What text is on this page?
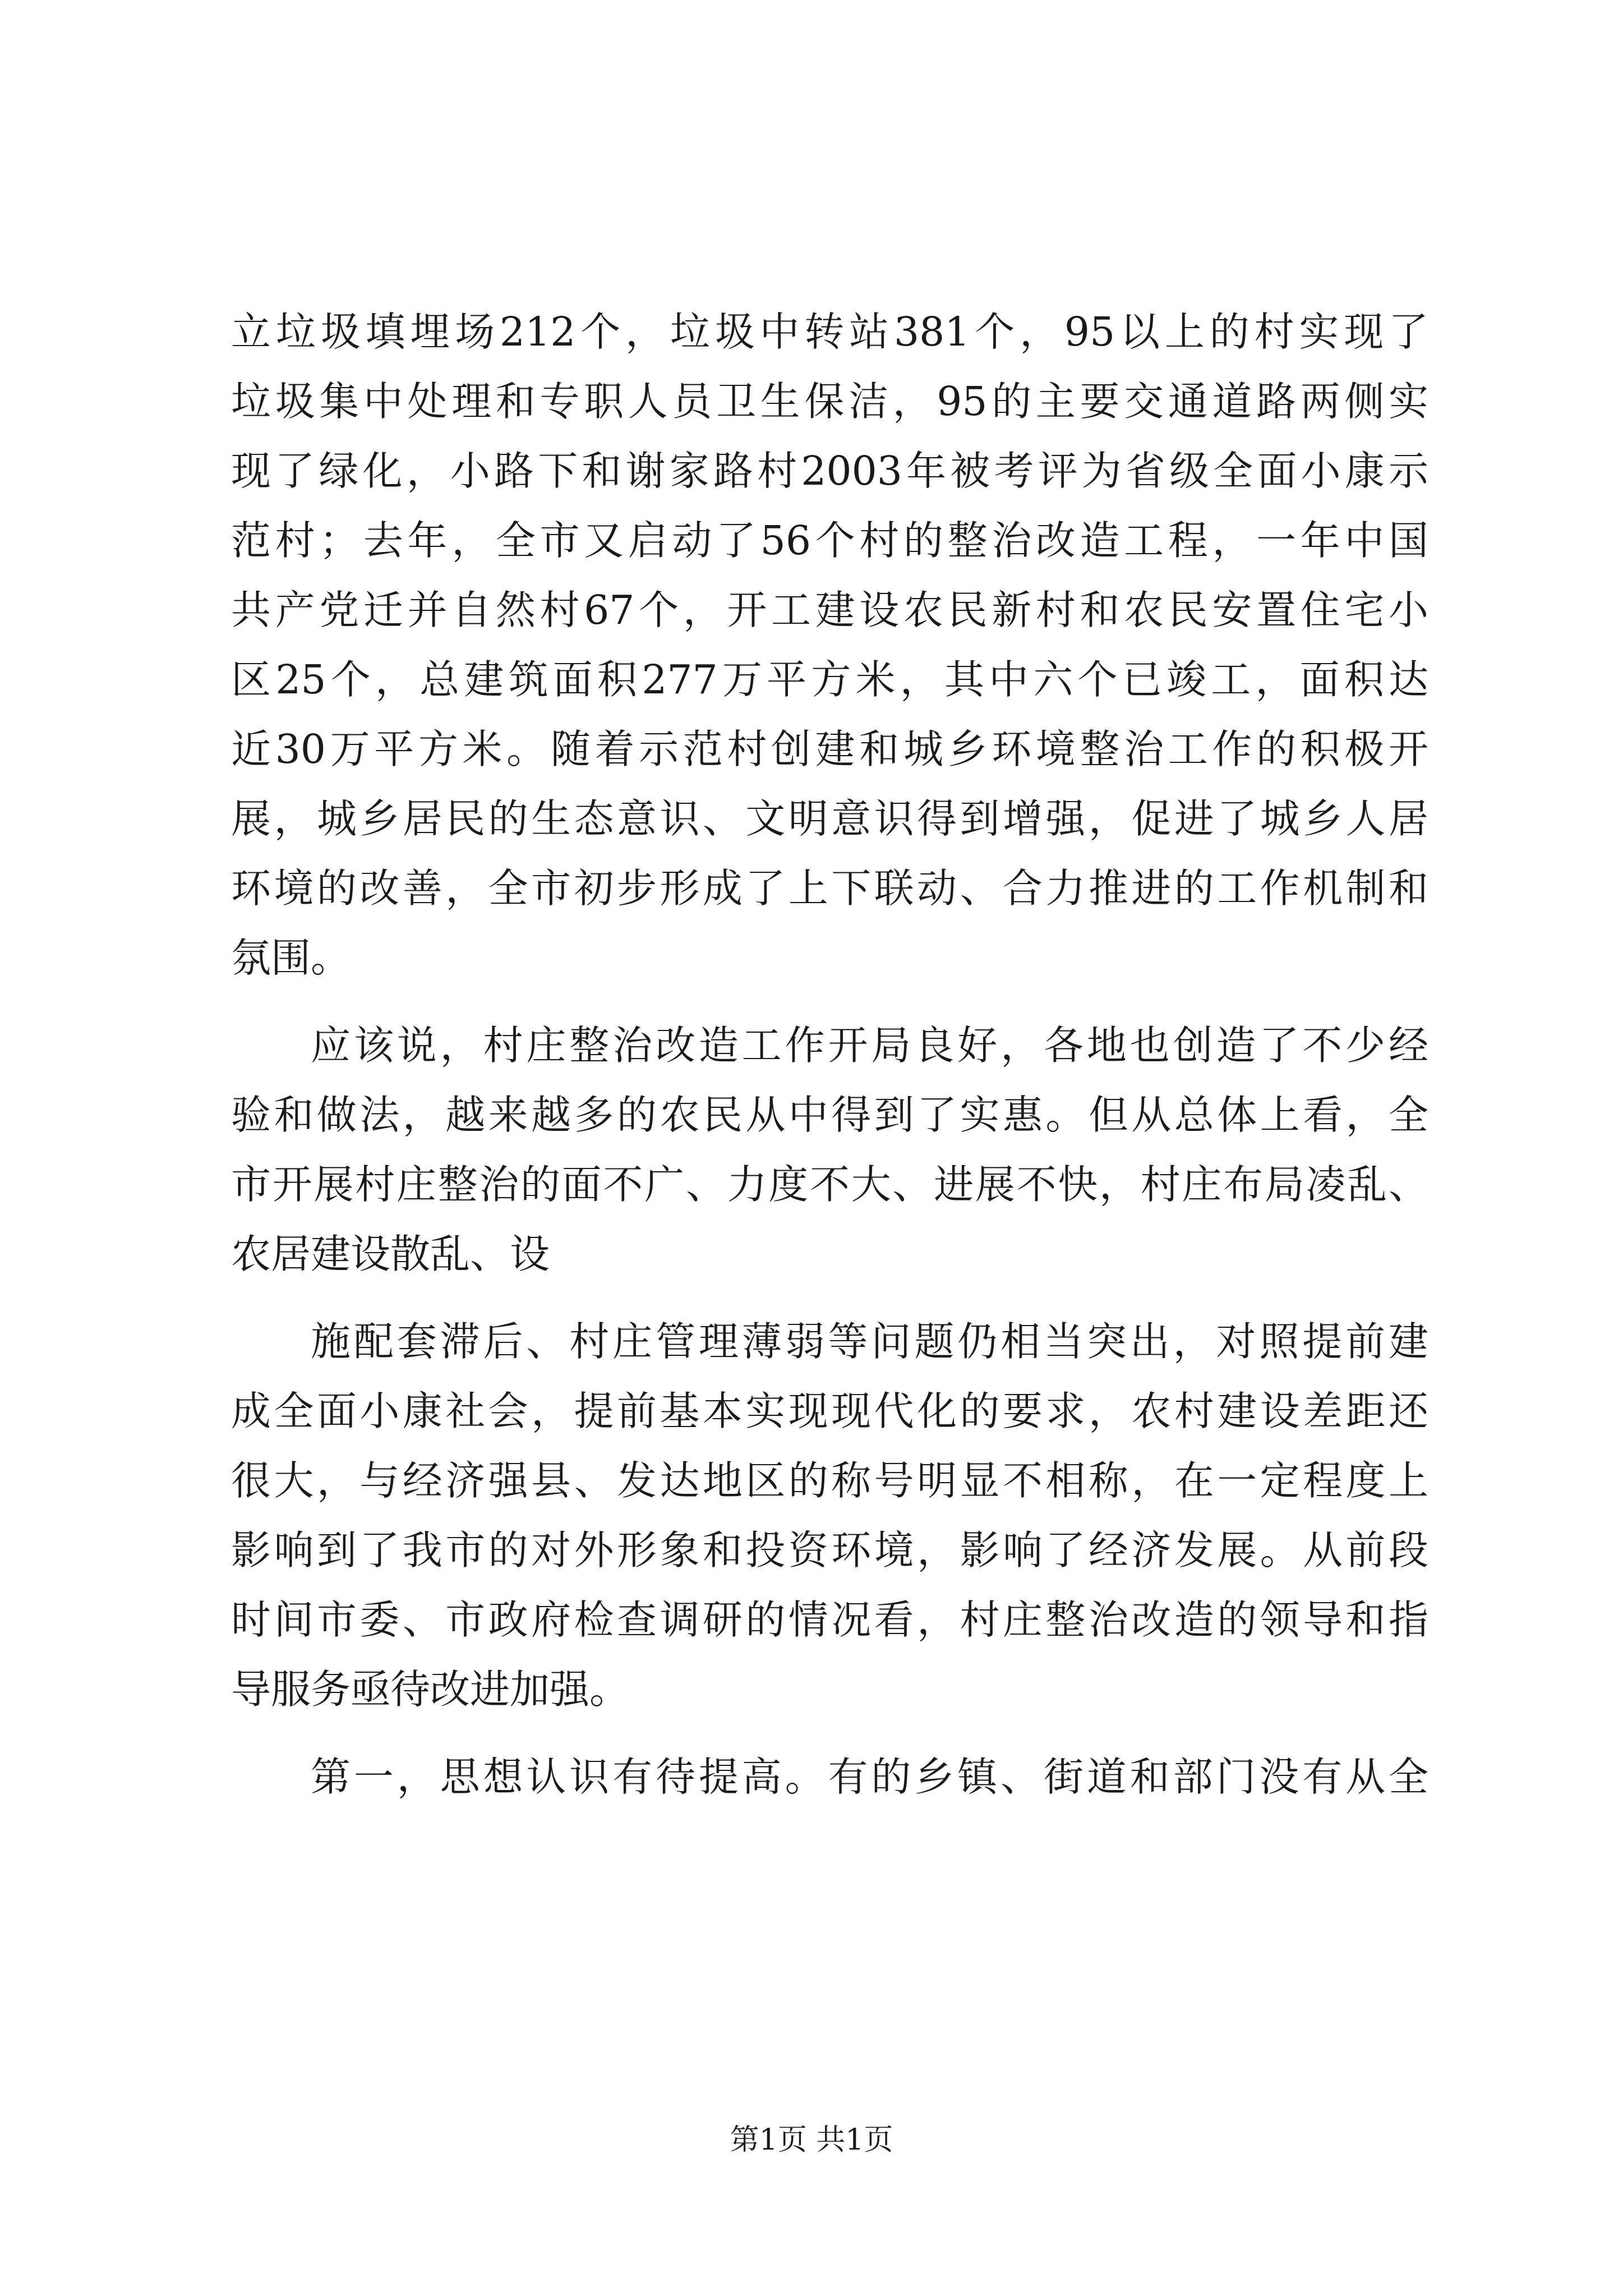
立垃圾填埋场212个，垃圾中转站381个，95以上的村实现了
垃圾集中处理和专职人员卫生保洁，95的主要交通道路两侧实
现了绿化，小路下和谢家路村2003年被考评为省级全面小康示
范村；去年，全市又启动了56个村的整治改造工程，一年中国
共产党迁并自然村67个，开工建设农民新村和农民安置住宅小
区25个，总建筑面积277万平方米，其中六个已竣工，面积达
近30万平方米。随着示范村创建和城乡环境整治工作的积极开
展，城乡居民的生态意识、文明意识得到增强，促进了城乡人居
环境的改善，全市初步形成了上下联动、合力推进的工作机制和
氛围。
应该说，村庄整治改造工作开局良好，各地也创造了不少经
验和做法，越来越多的农民从中得到了实惠。但从总体上看，全
市开展村庄整治的面不广、力度不大、进展不快，村庄布局凌乱、
农居建设散乱、设
施配套滞后、村庄管理薄弱等问题仍相当突出，对照提前建
成全面小康社会，提前基本实现现代化的要求，农村建设差距还
很大，与经济强县、发达地区的称号明显不相称，在一定程度上
影响到了我市的对外形象和投资环境，影响了经济发展。从前段
时间市委、市政府检查调研的情况看，村庄整治改造的领导和指
导服务亟待改进加强。
第一，思想认识有待提高。有的乡镇、街道和部门没有从全
第1页 共1页
